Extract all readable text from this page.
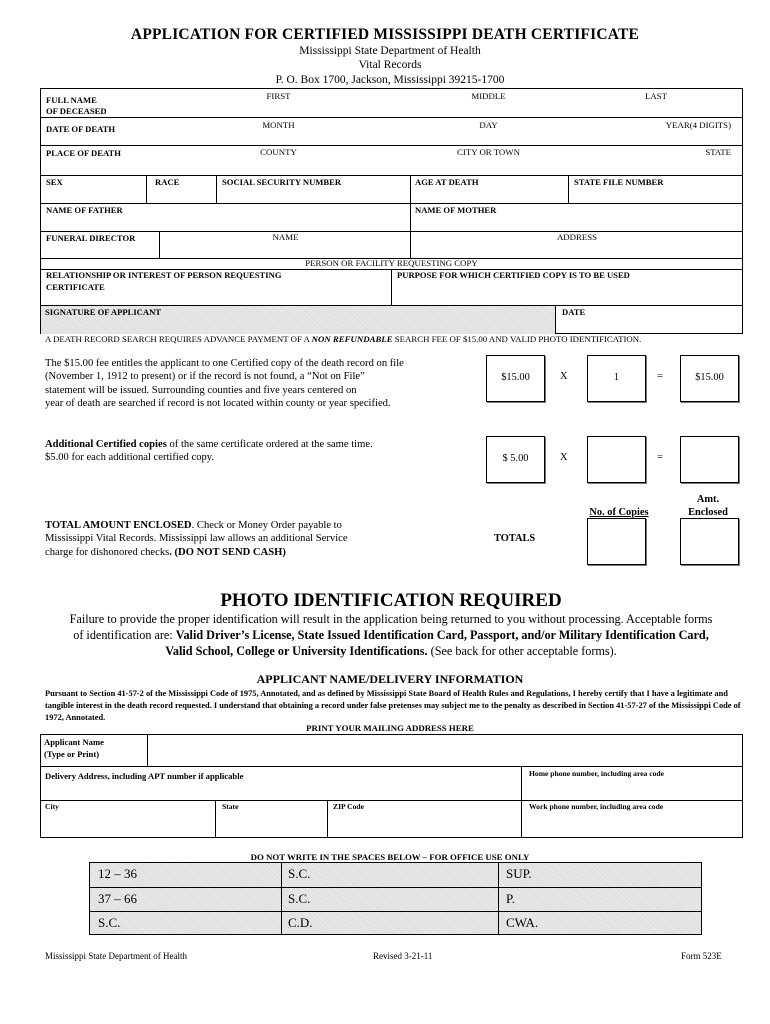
APPLICATION FOR CERTIFIED MISSISSIPPI DEATH CERTIFICATE
Mississippi State Department of Health
Vital Records
P. O. Box 1700, Jackson, Mississippi 39215-1700
FULL NAME
OF DECEASED
FIRST	MIDDLE	LAST
DATE OF DEATH	MONTH	DAY	YEAR(4 DIGITS)
PLACE OF DEATH	COUNTY	CITY OR TOWN	STATE
SEX	RACE	SOCIAL SECURITY NUMBER	AGE AT DEATH	STATE FILE NUMBER
NAME OF FATHER	NAME OF MOTHER
FUNERAL DIRECTOR	NAME	ADDRESS
PERSON OR FACILITY REQUESTING COPY
RELATIONSHIP OR INTEREST OF PERSON REQUESTING
CERTIFICATE
PURPOSE FOR WHICH CERTIFIED COPY IS TO BE USED
SIGNATURE OF APPLICANT	DATE
A DEATH RECORD SEARCH REQUIRES ADVANCE PAYMENT OF A NON REFUNDABLE SEARCH FEE OF $15.00 AND VALID PHOTO IDENTIFICATION.
The $15.00 fee entitles the applicant to one Certified copy of the death record on file
(November 1, 1912 to present) or if the record is not found, a “Not on File”
statement will be issued. Surrounding counties and five years centered on
year of death are searched if record is not located within county or year specified.
$15.00	X	1	=	$15.00
Additional Certified copies of the same certificate ordered at the same time.
$5.00 for each additional certified copy.	$ 5.00	X	=
Amt.
Enclosed
No. of Copies
TOTAL AMOUNT ENCLOSED. Check or Money Order payable to
Mississippi Vital Records. Mississippi law allows an additional Service
charge for dishonored checks. (DO NOT SEND CASH)
TOTALS
PHOTO IDENTIFICATION REQUIRED
Failure to provide the proper identification will result in the application being returned to you without processing. Acceptable forms
of identification are: Valid Driver’s License, State Issued Identification Card, Passport, and/or Military Identification Card,
Valid School, College or University Identifications. (See back for other acceptable forms).
APPLICANT NAME/DELIVERY INFORMATION
Pursuant to Section 41-57-2 of the Mississippi Code of 1975, Annotated, and as defined by Mississippi State Board of Health Rules and Regulations, I hereby certify that I have a legitimate and tangible interest in the death record requested. I understand that obtaining a record under false pretenses may subject me to the penalty as described in Section 41-57-27 of the Mississippi Code of 1972, Annotated.
PRINT YOUR MAILING ADDRESS HERE
Applicant Name
(Type or Print)
Delivery Address, including APT number if applicable	Home phone number, including area code
City	State	ZIP Code	Work phone number, including area code
DO NOT WRITE IN THE SPACES BELOW – FOR OFFICE USE ONLY
12 – 36	S.C.	SUP.
37 – 66	S.C.	P.
S.C.	C.D.	CWA.
Mississippi State Department of Health	Revised 3-21-11	Form 523E
